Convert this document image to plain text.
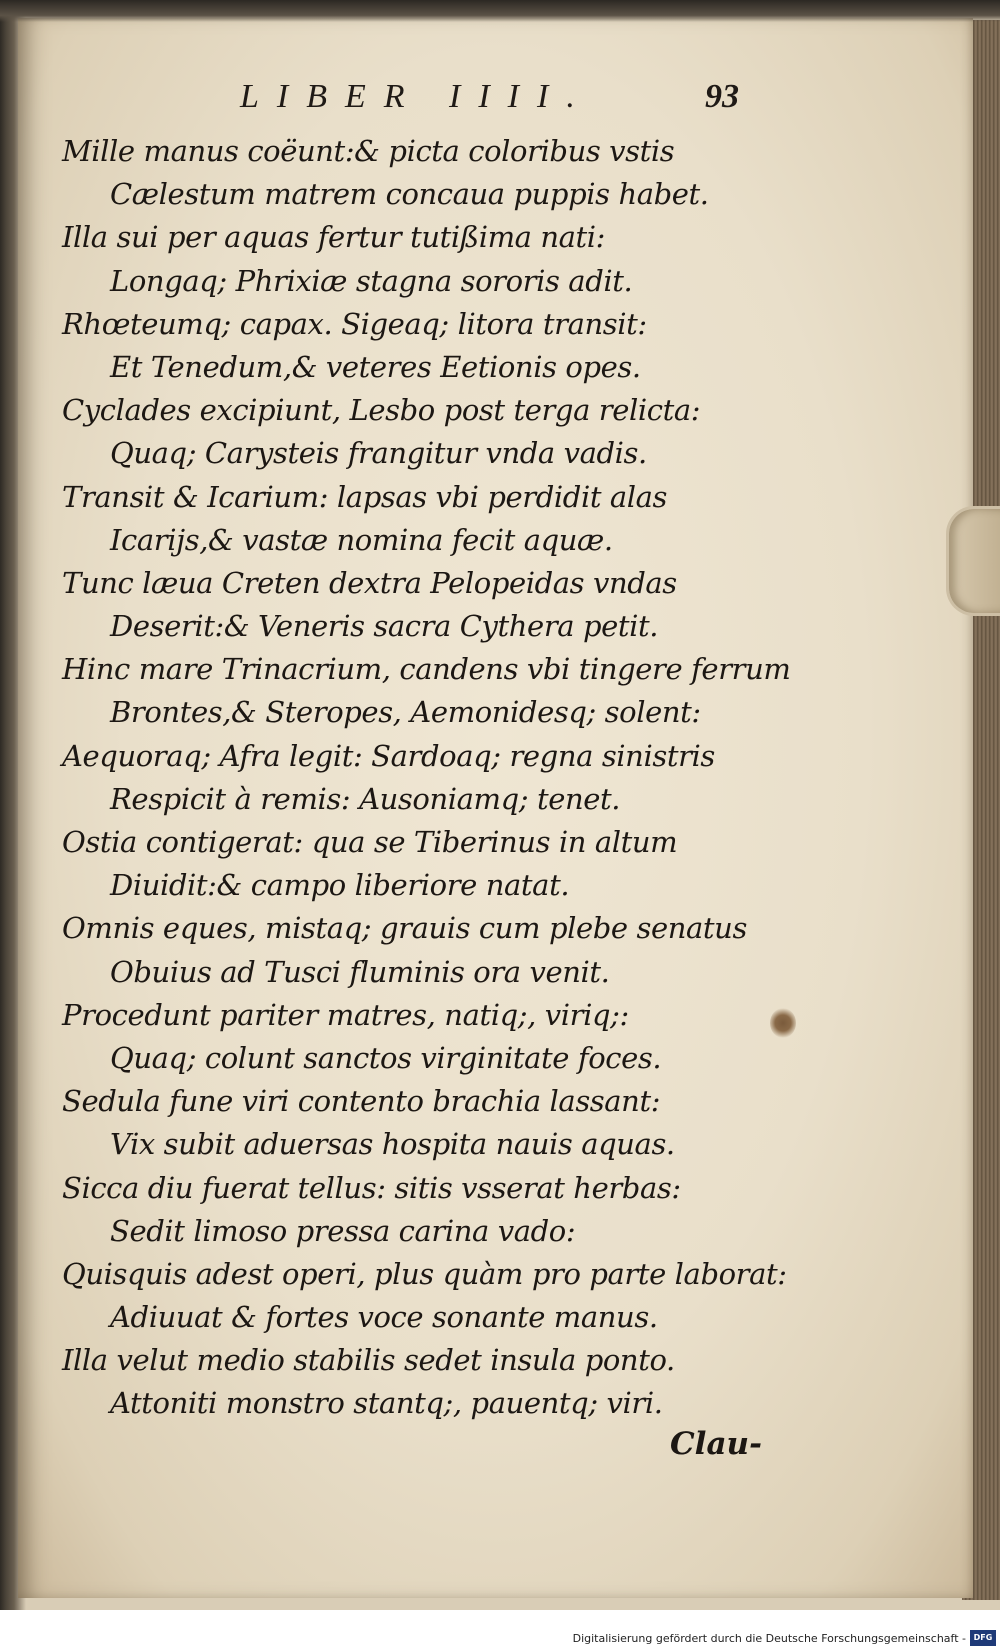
LIBER IIII.	93
Mille manus coëunt:& picta coloribus vstis
Cælestum matrem concaua puppis habet.
Illa sui per aquas fertur tutißima nati:
Longaq; Phrixiæ stagna sororis adit.
Rhœteumq; capax. Sigeaq; litora transit:
Et Tenedum,& veteres Eetionis opes.
Cyclades excipiunt, Lesbo post terga relicta:
Quaq; Carysteis frangitur vnda vadis.
Transit & Icarium: lapsas vbi perdidit alas
Icarijs,& vastæ nomina fecit aquæ.
Tunc læua Creten dextra Pelopeidas vndas
Deserit:& Veneris sacra Cythera petit.
Hinc mare Trinacrium, candens vbi tingere ferrum
Brontes,& Steropes, Aemonidesq; solent:
Aequoraq; Afra legit: Sardoaq; regna sinistris
Respicit à remis: Ausoniamq; tenet.
Ostia contigerat: qua se Tiberinus in altum
Diuidit:& campo liberiore natat.
Omnis eques, mistaq; grauis cum plebe senatus
Obuius ad Tusci fluminis ora venit.
Procedunt pariter matres, natiq;, viriq;:
Quaq; colunt sanctos virginitate foces.
Sedula fune viri contento brachia lassant:
Vix subit aduersas hospita nauis aquas.
Sicca diu fuerat tellus: sitis vsserat herbas:
Sedit limoso pressa carina vado:
Quisquis adest operi, plus quàm pro parte laborat:
Adiuuat & fortes voce sonante manus.
Illa velut medio stabilis sedet insula ponto.
Attoniti monstro stantq;, pauentq; viri.
Clau-
Digitalisierung gefördert durch die Deutsche Forschungsgemeinschaft - DFG
